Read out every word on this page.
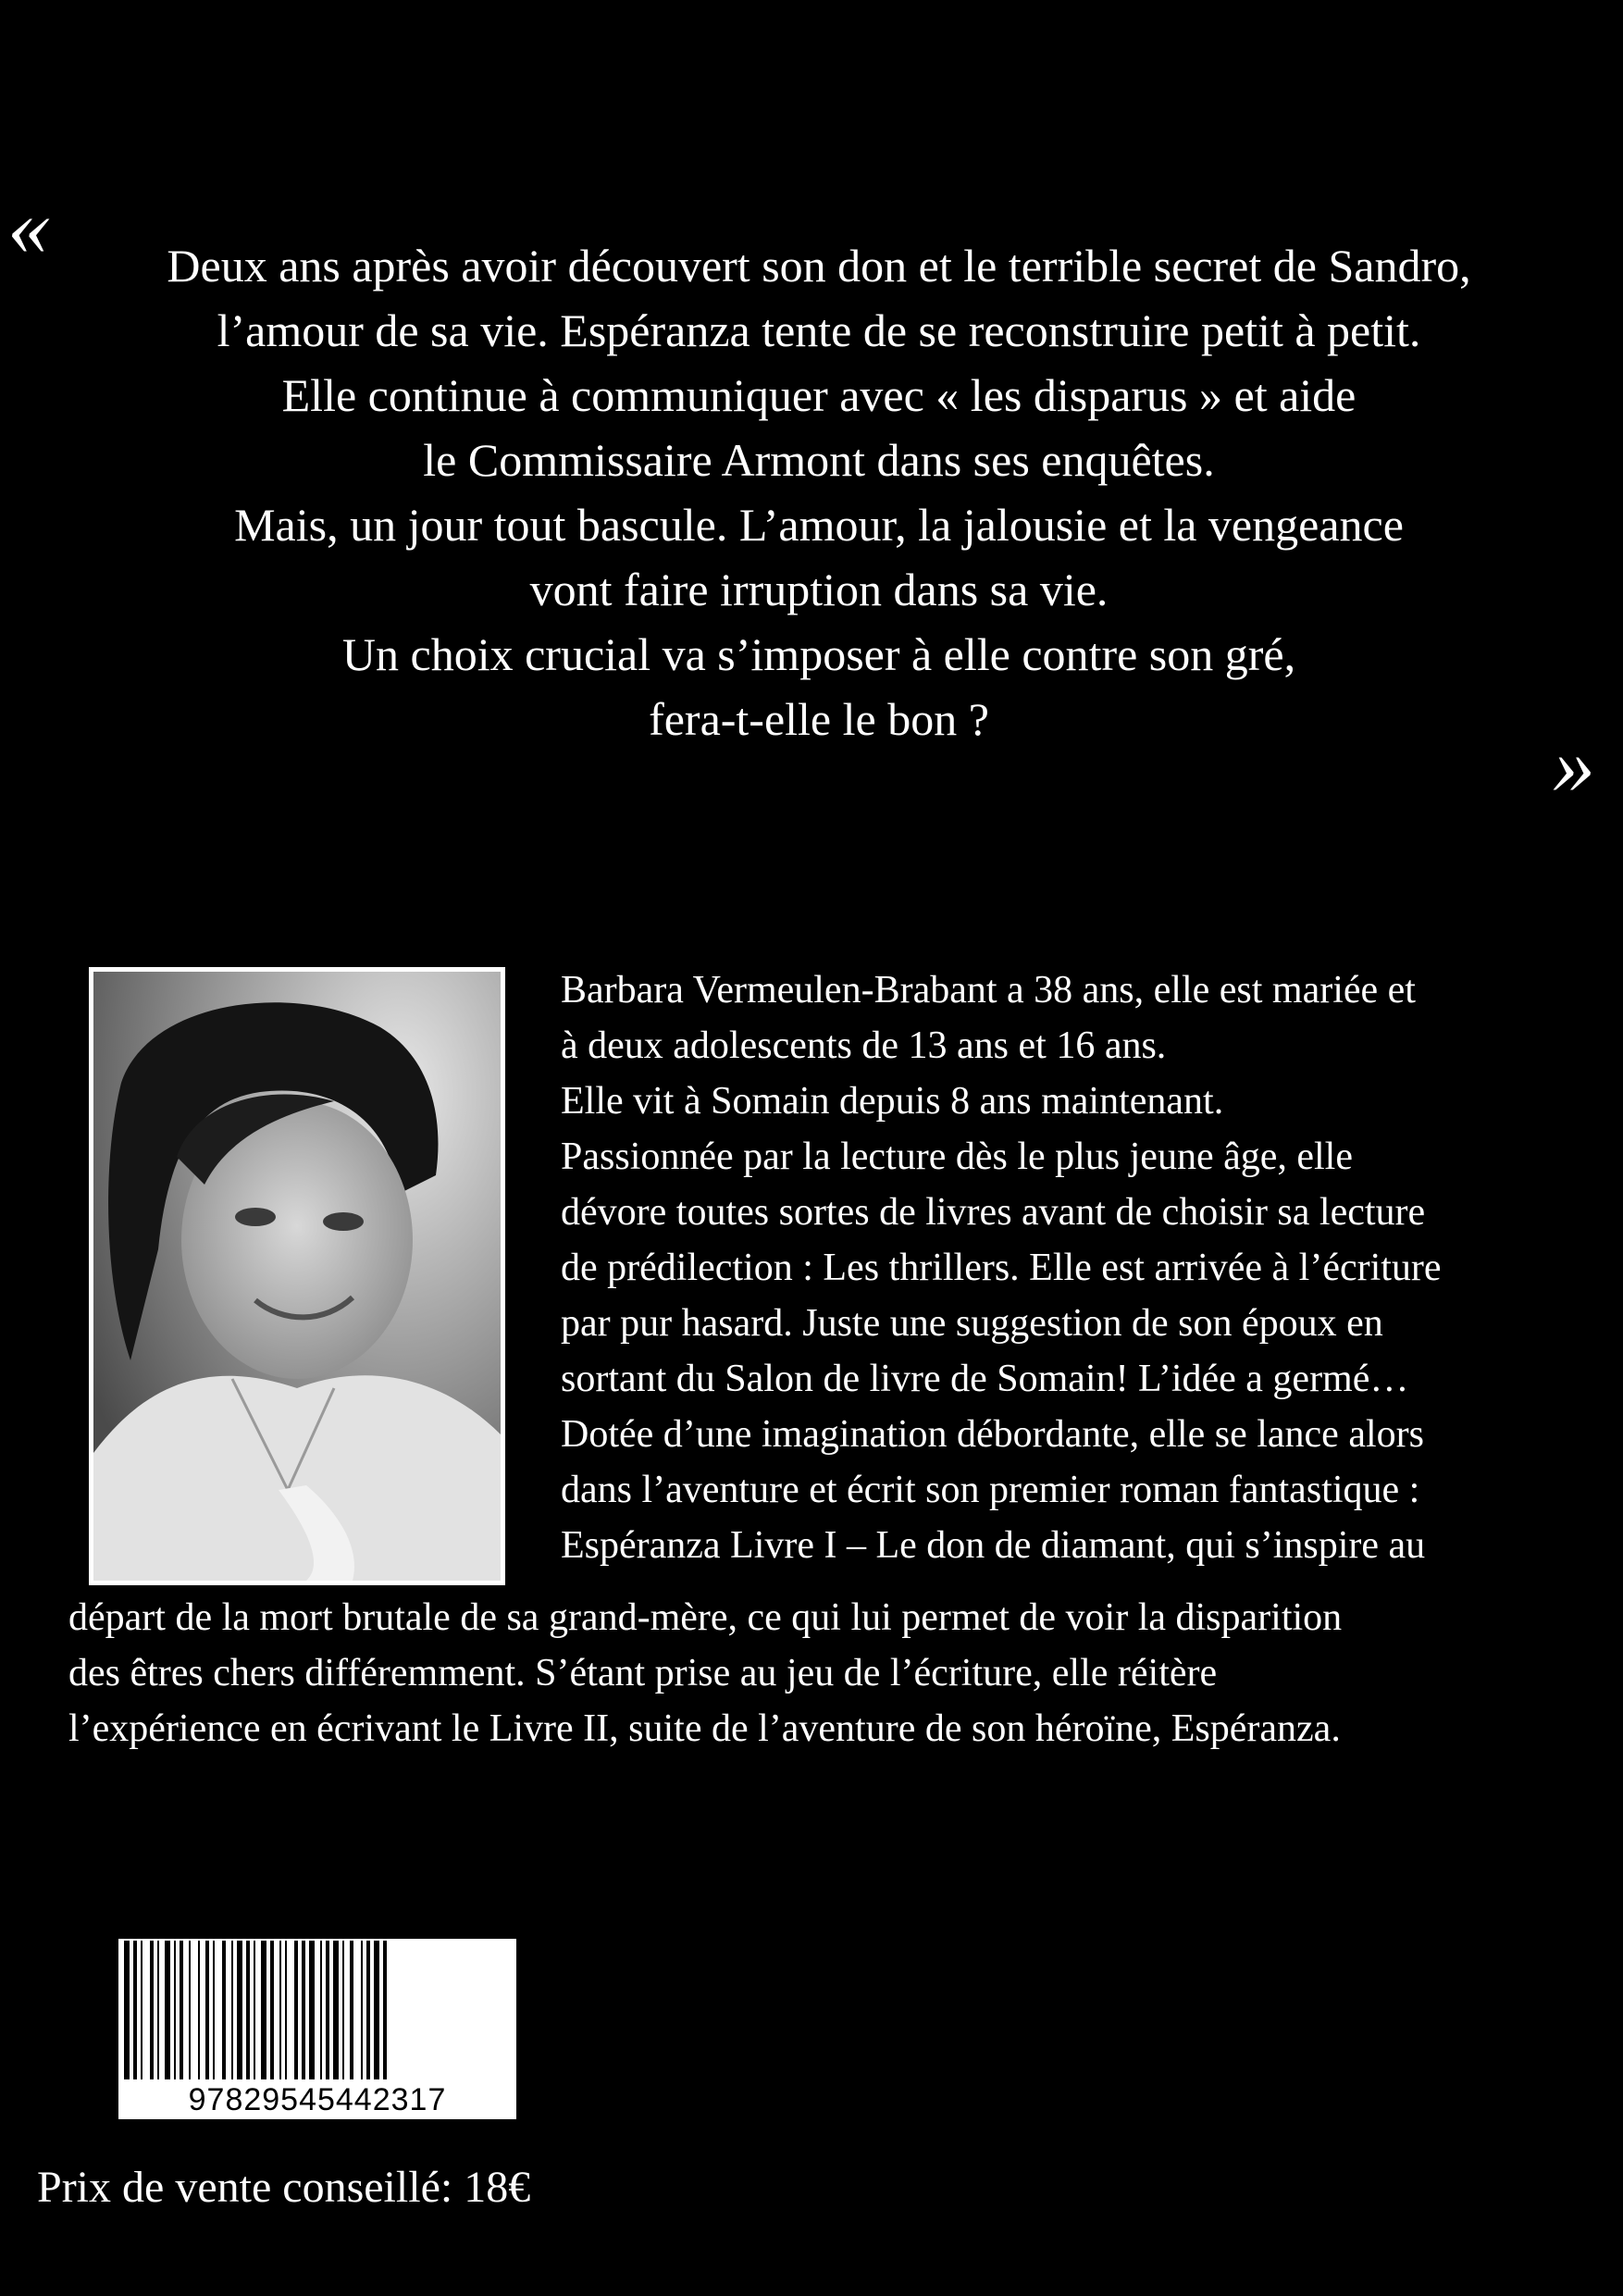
«	Deux ans après avoir découvert son don et le terrible secret de Sandro,
l’amour de sa vie. Espéranza tente de se reconstruire petit à petit.
Elle continue à communiquer avec « les disparus » et aide
le Commissaire Armont dans ses enquêtes.
Mais, un jour tout bascule. L’amour, la jalousie et la vengeance
vont faire irruption dans sa vie.
Un choix crucial va s’imposer à elle contre son gré,
fera-t-elle le bon ?	»
Barbara Vermeulen-Brabant a 38 ans, elle est mariée et
à deux adolescents de 13 ans et 16 ans.
Elle vit à Somain depuis 8 ans maintenant.
Passionnée par la lecture dès le plus jeune âge, elle
dévore toutes sortes de livres avant de choisir sa lecture
de prédilection : Les thrillers. Elle est arrivée à l’écriture
par pur hasard. Juste une suggestion de son époux en
sortant du Salon de livre de Somain! L’idée a germé…
Dotée d’une imagination débordante, elle se lance alors
dans l’aventure et écrit son premier roman fantastique :
Espéranza Livre I – Le don de diamant, qui s’inspire au
départ de la mort brutale de sa grand-mère, ce qui lui permet de voir la disparition
des êtres chers différemment. S’étant prise au jeu de l’écriture, elle réitère
l’expérience en écrivant le Livre II, suite de l’aventure de son héroïne, Espéranza.
97829545442317
Prix de vente conseillé: 18€
